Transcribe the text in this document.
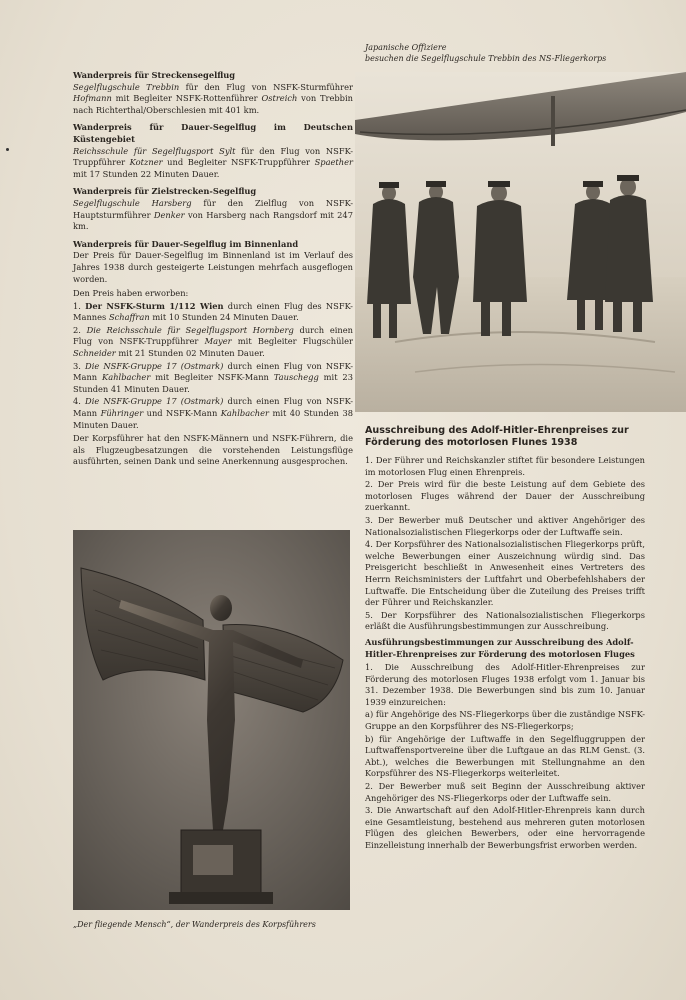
Wanderpreis für Streckensegelflug
Segelflugschule Trebbin für den Flug von NSFK-Sturmführer Hofmann mit Begleiter NSFK-Rottenführer Ostreich von Trebbin nach Richterthal/Oberschlesien mit 401 km.
Wanderpreis für Dauer-Segelflug im Deutschen Küstengebiet
Reichsschule für Segelflugsport Sylt für den Flug von NSFK-Truppführer Kotzner und Begleiter NSFK-Truppführer Spaether mit 17 Stunden 22 Minuten Dauer.
Wanderpreis für Zielstrecken-Segelflug
Segelflugschule Harsberg für den Zielflug von NSFK-Hauptsturmführer Denker von Harsberg nach Rangsdorf mit 247 km.
Wanderpreis für Dauer-Segelflug im Binnenland

Der Preis für Dauer-Segelflug im Binnenland ist im Verlauf des Jahres 1938 durch gesteigerte Leistungen mehrfach ausgeflogen worden.

Den Preis haben erworben:

1. Der NSFK-Sturm 1/112 Wien durch einen Flug des NSFK-Mannes Schaffran mit 10 Stunden 24 Minuten Dauer.

2. Die Reichsschule für Segelflugsport Hornberg durch einen Flug von NSFK-Truppführer Mayer mit Begleiter Flugschüler Schneider mit 21 Stunden 02 Minuten Dauer.

3. Die NSFK-Gruppe 17 (Ostmark) durch einen Flug von NSFK-Mann Kahlbacher mit Begleiter NSFK-Mann Tauschegg mit 23 Stunden 41 Minuten Dauer.

4. Die NSFK-Gruppe 17 (Ostmark) durch einen Flug von NSFK-Mann Führinger und NSFK-Mann Kahlbacher mit 40 Stunden 38 Minuten Dauer.

Der Korpsführer hat den NSFK-Männern und NSFK-Führern, die als Flugzeugbesatzungen die vorstehenden Leistungsflüge ausführten, seinen Dank und seine Anerkennung ausgesprochen.

Japanische Offiziere
besuchen die Segelflugschule Trebbin des NS-Fliegerkorps
„Der fliegende Mensch“, der Wanderpreis des Korpsführers
Ausschreibung des Adolf-Hitler-Ehrenpreises zur Förderung des motorlosen Flunes 1938

1. Der Führer und Reichskanzler stiftet für besondere Leistungen im motorlosen Flug einen Ehrenpreis.

2. Der Preis wird für die beste Leistung auf dem Gebiete des motorlosen Fluges während der Dauer der Ausschreibung zuerkannt.

3. Der Bewerber muß Deutscher und aktiver Angehöriger des Nationalsozialistischen Fliegerkorps oder der Luftwaffe sein.

4. Der Korpsführer des Nationalsozialistischen Fliegerkorps prüft, welche Bewerbungen einer Auszeichnung würdig sind. Das Preisgericht beschließt in Anwesenheit eines Vertreters des Herrn Reichsministers der Luftfahrt und Oberbefehlshabers der Luftwaffe. Die Entscheidung über die Zuteilung des Preises trifft der Führer und Reichskanzler.

5. Der Korpsführer des Nationalsozialistischen Fliegerkorps erläßt die Ausführungsbestimmungen zur Ausschreibung.

Ausführungsbestimmungen zur Ausschreibung des Adolf-Hitler-Ehrenpreises zur Förderung des motorlosen Fluges

1. Die Ausschreibung des Adolf-Hitler-Ehrenpreises zur Förderung des motorlosen Fluges 1938 erfolgt vom 1. Januar bis 31. Dezember 1938. Die Bewerbungen sind bis zum 10. Januar 1939 einzureichen:

a) für Angehörige des NS-Fliegerkorps über die zuständige NSFK-Gruppe an den Korpsführer des NS-Fliegerkorps;

b) für Angehörige der Luftwaffe in den Segelfluggruppen der Luftwaffensportvereine über die Luftgaue an das RLM Genst. (3. Abt.), welches die Bewerbungen mit Stellungnahme an den Korpsführer des NS-Fliegerkorps weiterleitet.

2. Der Bewerber muß seit Beginn der Ausschreibung aktiver Angehöriger des NS-Fliegerkorps oder der Luftwaffe sein.

3. Die Anwartschaft auf den Adolf-Hitler-Ehrenpreis kann durch eine Gesamtleistung, bestehend aus mehreren guten motorlosen Flügen des gleichen Bewerbers, oder eine hervorragende Einzelleistung innerhalb der Bewerbungsfrist erworben werden.
